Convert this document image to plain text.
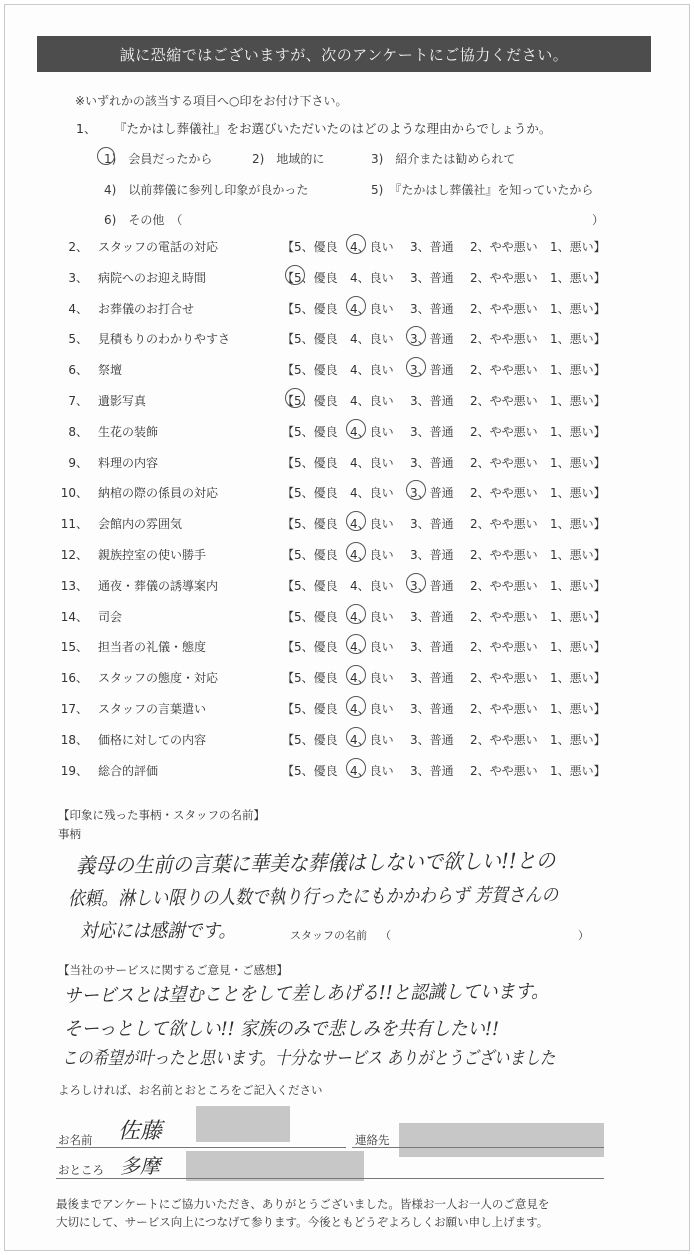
誠に恐縮ではございますが、次のアンケートにご協力ください。
※いずれかの該当する項目へ○印をお付け下さい。
1、 『たかはし葬儀社』をお選びいただいたのはどのような理由からでしょうか。
1)　会員だったから	2)　地域的に	3)　紹介または勧められて
4)　以前葬儀に参列し印象が良かった	5)　『たかはし葬儀社』を知っていたから
6)　その他　（	）
2、 スタッフの電話の対応	【5、優良 4、良い 3、普通 2、やや悪い 1、悪い】
3、 病院へのお迎え時間	【5、優良 4、良い 3、普通 2、やや悪い 1、悪い】
4、 お葬儀のお打合せ	【5、優良 4、良い 3、普通 2、やや悪い 1、悪い】
5、 見積もりのわかりやすさ	【5、優良 4、良い 3、普通 2、やや悪い 1、悪い】
6、 祭壇	【5、優良 4、良い 3、普通 2、やや悪い 1、悪い】
7、 遺影写真	【5、優良 4、良い 3、普通 2、やや悪い 1、悪い】
8、 生花の装飾	【5、優良 4、良い 3、普通 2、やや悪い 1、悪い】
9、 料理の内容	【5、優良 4、良い 3、普通 2、やや悪い 1、悪い】
10、 納棺の際の係員の対応	【5、優良 4、良い 3、普通 2、やや悪い 1、悪い】
11、 会館内の雰囲気	【5、優良 4、良い 3、普通 2、やや悪い 1、悪い】
12、 親族控室の使い勝手	【5、優良 4、良い 3、普通 2、やや悪い 1、悪い】
13、 通夜・葬儀の誘導案内	【5、優良 4、良い 3、普通 2、やや悪い 1、悪い】
14、 司会	【5、優良 4、良い 3、普通 2、やや悪い 1、悪い】
15、 担当者の礼儀・態度	【5、優良 4、良い 3、普通 2、やや悪い 1、悪い】
16、 スタッフの態度・対応	【5、優良 4、良い 3、普通 2、やや悪い 1、悪い】
17、 スタッフの言葉遣い	【5、優良 4、良い 3、普通 2、やや悪い 1、悪い】
18、 価格に対しての内容	【5、優良 4、良い 3、普通 2、やや悪い 1、悪い】
19、 総合的評価	【5、優良 4、良い 3、普通 2、やや悪い 1、悪い】
【印象に残った事柄・スタッフの名前】
事柄
義母の生前の言葉に華美な葬儀はしないで欲しい!!との
依頼。淋しい限りの人数で執り行ったにもかかわらず 芳賀さんの
対応には感謝です。	スタッフの名前 （	）
【当社のサービスに関するご意見・ご感想】
サービスとは望むことをして差しあげる!!と認識しています。
そーっとして欲しい!! 家族のみで悲しみを共有したい!!
この希望が叶ったと思います。十分なサービス ありがとうございました
よろしければ、お名前とおところをご記入ください
お名前 佐藤	連絡先
おところ 多摩
最後までアンケートにご協力いただき、ありがとうございました。皆様お一人お一人のご意見を
大切にして、サービス向上につなげて参ります。今後ともどうぞよろしくお願い申し上げます。
